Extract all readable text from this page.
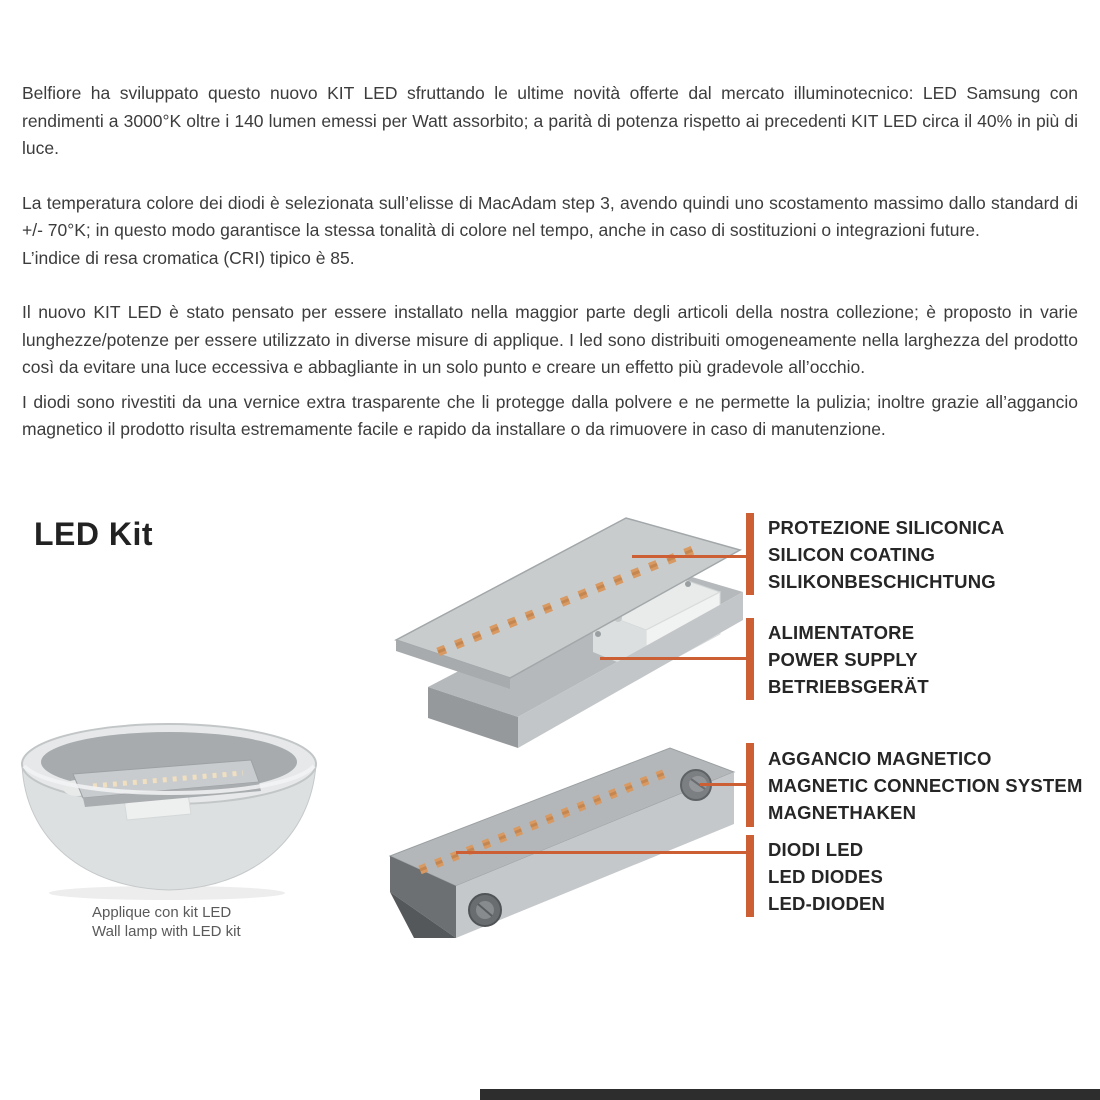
Belfiore ha sviluppato questo nuovo KIT LED sfruttando le ultime novità offerte dal mercato illuminotecnico: LED Samsung con rendimenti a 3000°K oltre i 140 lumen emessi per Watt assorbito; a parità di potenza rispetto ai precedenti KIT LED circa il 40% in più di luce.

La temperatura colore dei diodi è selezionata sull’elisse di MacAdam step 3, avendo quindi uno scostamento massimo dallo standard di +/- 70°K; in questo modo garantisce la stessa tonalità di colore nel tempo, anche in caso di sostituzioni o integrazioni future.

L’indice di resa cromatica (CRI) tipico è 85.

Il nuovo KIT LED è stato pensato per essere installato nella maggior parte degli articoli della nostra collezione; è proposto in varie lunghezze/potenze per essere utilizzato in diverse misure di applique. I led sono distribuiti omogeneamente nella larghezza del prodotto così da evitare una luce eccessiva e abbagliante in un solo punto e creare un effetto più gradevole all’occhio.

I diodi sono rivestiti da una vernice extra trasparente che li protegge dalla polvere e ne permette la pulizia; inoltre grazie all’aggancio magnetico il prodotto risulta estremamente facile e rapido da installare o da rimuovere in caso di manutenzione.

LED Kit
Applique con kit LED
Wall lamp with LED kit
PROTEZIONE SILICONICA
SILICON COATING
SILIKONBESCHICHTUNG
ALIMENTATORE
POWER SUPPLY
BETRIEBSGERÄT
AGGANCIO MAGNETICO
MAGNETIC CONNECTION SYSTEM
MAGNETHAKEN
DIODI LED
LED DIODES
LED-DIODEN
